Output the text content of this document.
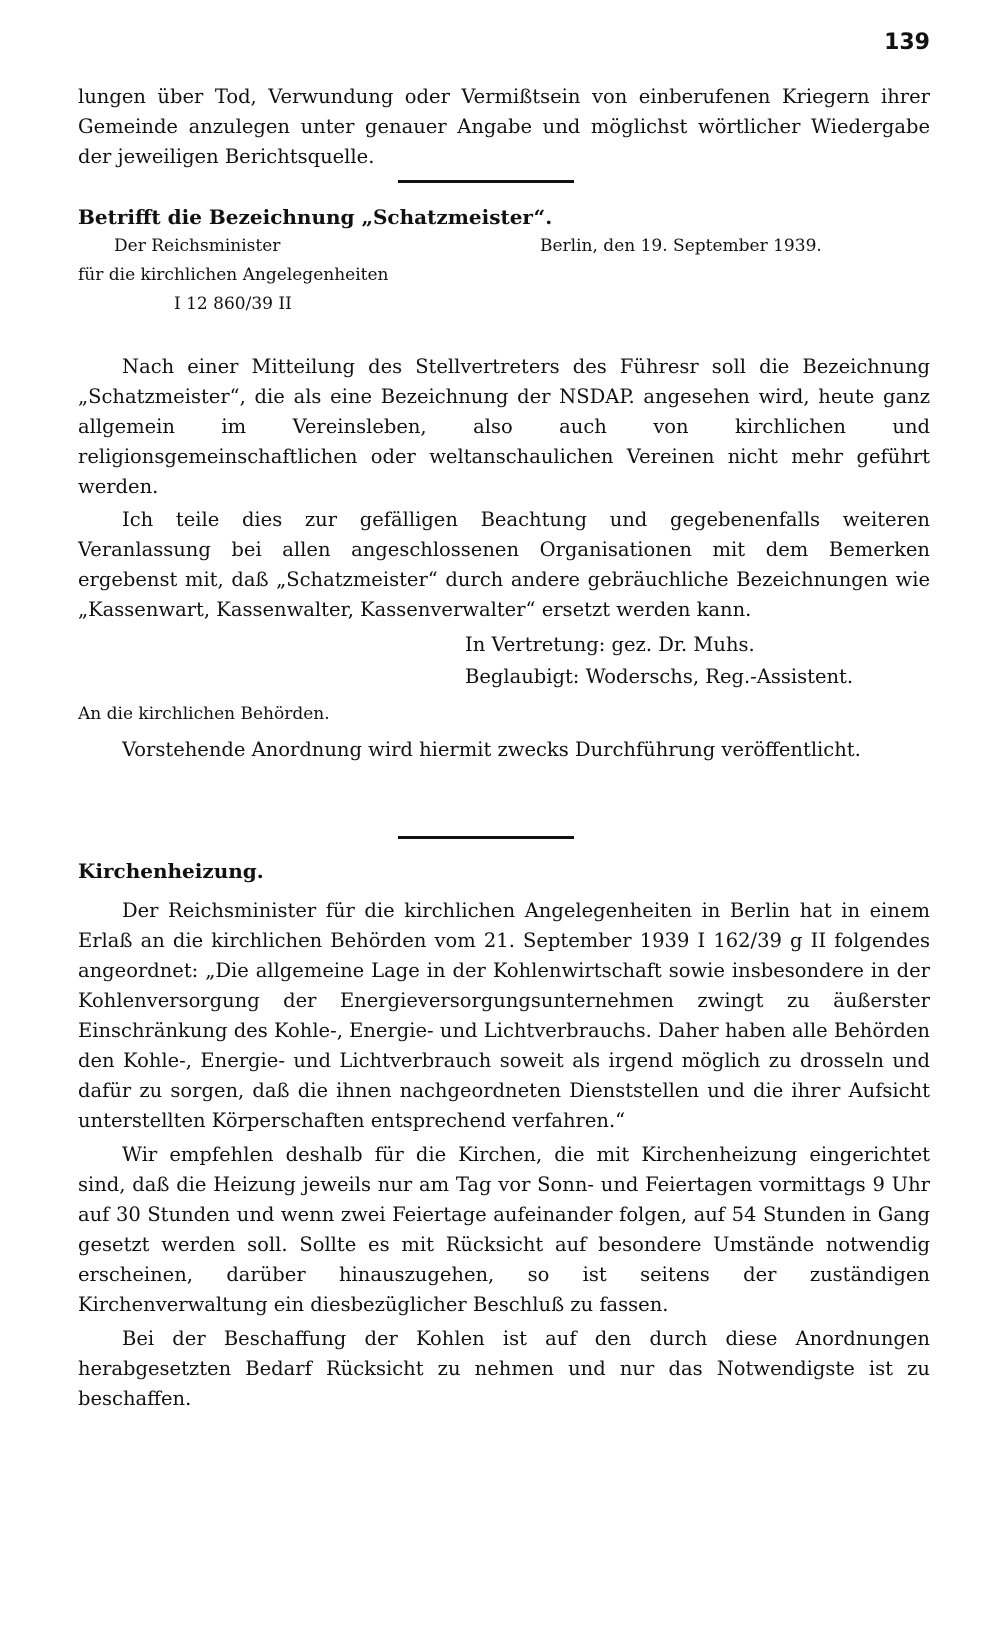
139

lungen über Tod, Verwundung oder Vermißtsein von einberufenen Kriegern ihrer Gemeinde anzulegen unter genauer Angabe und möglichst wörtlicher Wiedergabe der jeweiligen Berichtsquelle.

Betrifft die Bezeichnung „Schatzmeister“.
Der Reichsminister
für die kirchlichen Angelegenheiten
I 12 860/39 II
Berlin, den 19. September 1939.

Nach einer Mitteilung des Stellvertreters des Führesr soll die Bezeichnung „Schatzmeister“, die als eine Bezeichnung der NSDAP. angesehen wird, heute ganz allgemein im Vereinsleben, also auch von kirchlichen und religionsgemeinschaftlichen oder weltanschaulichen Vereinen nicht mehr geführt werden.

Ich teile dies zur gefälligen Beachtung und gegebenenfalls weiteren Veranlassung bei allen angeschlossenen Organisationen mit dem Bemerken ergebenst mit, daß „Schatzmeister“ durch andere gebräuchliche Bezeichnungen wie „Kassenwart, Kassenwalter, Kassenverwalter“ ersetzt werden kann.

In Vertretung: gez. Dr. Muhs.
Beglaubigt: Woderschs, Reg.-Assistent.
An die kirchlichen Behörden.

Vorstehende Anordnung wird hiermit zwecks Durchführung veröffentlicht.

Kirchenheizung.

Der Reichsminister für die kirchlichen Angelegenheiten in Berlin hat in einem Erlaß an die kirchlichen Behörden vom 21. September 1939 I 162/39 g II folgendes angeordnet: „Die allgemeine Lage in der Kohlenwirtschaft sowie insbesondere in der Kohlenversorgung der Energieversorgungsunternehmen zwingt zu äußerster Einschränkung des Kohle-, Energie- und Lichtverbrauchs. Daher haben alle Behörden den Kohle-, Energie- und Lichtverbrauch soweit als irgend möglich zu drosseln und dafür zu sorgen, daß die ihnen nachgeordneten Dienststellen und die ihrer Aufsicht unterstellten Körperschaften entsprechend verfahren.“

Wir empfehlen deshalb für die Kirchen, die mit Kirchenheizung eingerichtet sind, daß die Heizung jeweils nur am Tag vor Sonn- und Feiertagen vormittags 9 Uhr auf 30 Stunden und wenn zwei Feiertage aufeinander folgen, auf 54 Stunden in Gang gesetzt werden soll. Sollte es mit Rücksicht auf besondere Umstände notwendig erscheinen, darüber hinauszugehen, so ist seitens der zuständigen Kirchenverwaltung ein diesbezüglicher Beschluß zu fassen.

Bei der Beschaffung der Kohlen ist auf den durch diese Anordnungen herabgesetzten Bedarf Rücksicht zu nehmen und nur das Notwendigste ist zu beschaffen.
